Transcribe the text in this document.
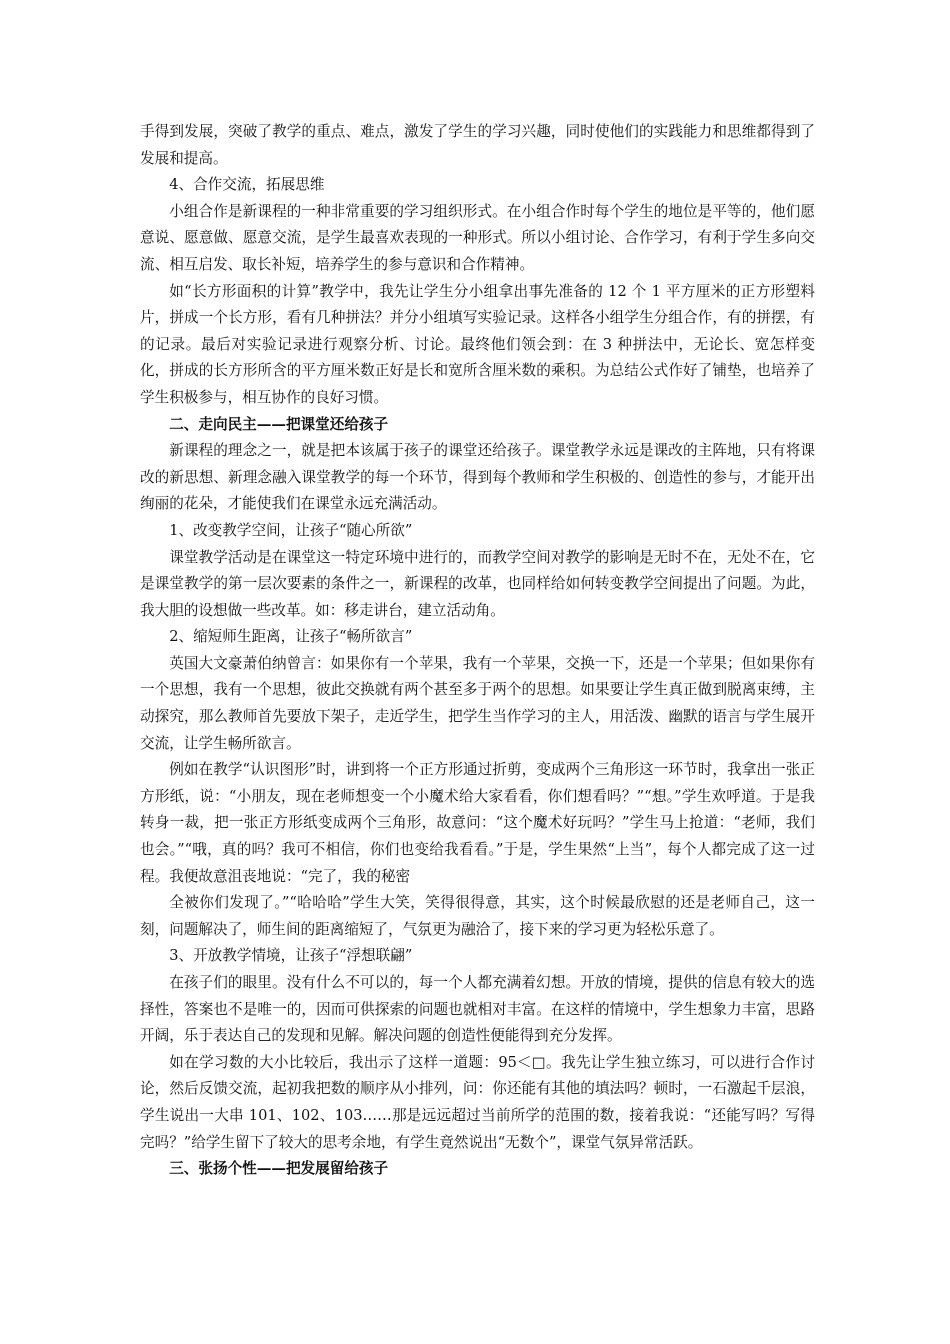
手得到发展，突破了教学的重点、难点，激发了学生的学习兴趣，同时使他们的实践能力和思维都得到了发展和提高。

4、合作交流，拓展思维

小组合作是新课程的一种非常重要的学习组织形式。在小组合作时每个学生的地位是平等的，他们愿意说、愿意做、愿意交流，是学生最喜欢表现的一种形式。所以小组讨论、合作学习，有利于学生多向交流、相互启发、取长补短，培养学生的参与意识和合作精神。

如“长方形面积的计算”教学中，我先让学生分小组拿出事先准备的 12 个 1 平方厘米的正方形塑料片，拼成一个长方形，看有几种拼法？并分小组填写实验记录。这样各小组学生分组合作，有的拼摆，有的记录。最后对实验记录进行观察分析、讨论。最终他们领会到：在 3 种拼法中，无论长、宽怎样变化，拼成的长方形所含的平方厘米数正好是长和宽所含厘米数的乘积。为总结公式作好了铺垫，也培养了学生积极参与，相互协作的良好习惯。

二、走向民主——把课堂还给孩子

新课程的理念之一，就是把本该属于孩子的课堂还给孩子。课堂教学永远是课改的主阵地，只有将课改的新思想、新理念融入课堂教学的每一个环节，得到每个教师和学生积极的、创造性的参与，才能开出绚丽的花朵，才能使我们在课堂永远充满活动。

1、改变教学空间，让孩子“随心所欲”

课堂教学活动是在课堂这一特定环境中进行的，而教学空间对教学的影响是无时不在，无处不在，它是课堂教学的第一层次要素的条件之一，新课程的改革，也同样给如何转变教学空间提出了问题。为此，我大胆的设想做一些改革。如：移走讲台，建立活动角。

2、缩短师生距离，让孩子“畅所欲言”

英国大文豪萧伯纳曾言：如果你有一个苹果，我有一个苹果，交换一下，还是一个苹果；但如果你有一个思想，我有一个思想，彼此交换就有两个甚至多于两个的思想。如果要让学生真正做到脱离束缚，主动探究，那么教师首先要放下架子，走近学生，把学生当作学习的主人，用活泼、幽默的语言与学生展开交流，让学生畅所欲言。

例如在教学“认识图形”时，讲到将一个正方形通过折剪，变成两个三角形这一环节时，我拿出一张正方形纸，说：“小朋友，现在老师想变一个小魔术给大家看看，你们想看吗？”“想。”学生欢呼道。于是我转身一裁，把一张正方形纸变成两个三角形，故意问：“这个魔术好玩吗？”学生马上抢道：“老师，我们也会。”“哦，真的吗？我可不相信，你们也变给我看看。”于是，学生果然“上当”，每个人都完成了这一过程。我便故意沮丧地说：“完了，我的秘密

全被你们发现了。”“哈哈哈”学生大笑，笑得很得意，其实，这个时候最欣慰的还是老师自己，这一刻，问题解决了，师生间的距离缩短了，气氛更为融洽了，接下来的学习更为轻松乐意了。

3、开放教学情境，让孩子“浮想联翩”

在孩子们的眼里。没有什么不可以的，每一个人都充满着幻想。开放的情境，提供的信息有较大的选择性，答案也不是唯一的，因而可供探索的问题也就相对丰富。在这样的情境中，学生想象力丰富，思路开阔，乐于表达自己的发现和见解。解决问题的创造性便能得到充分发挥。

如在学习数的大小比较后，我出示了这样一道题：95＜□。我先让学生独立练习，可以进行合作讨论，然后反馈交流，起初我把数的顺序从小排列，问：你还能有其他的填法吗？顿时，一石激起千层浪，学生说出一大串 101、102、103……那是远远超过当前所学的范围的数，接着我说：“还能写吗？写得完吗？”给学生留下了较大的思考余地，有学生竟然说出“无数个”，课堂气氛异常活跃。

三、张扬个性——把发展留给孩子
